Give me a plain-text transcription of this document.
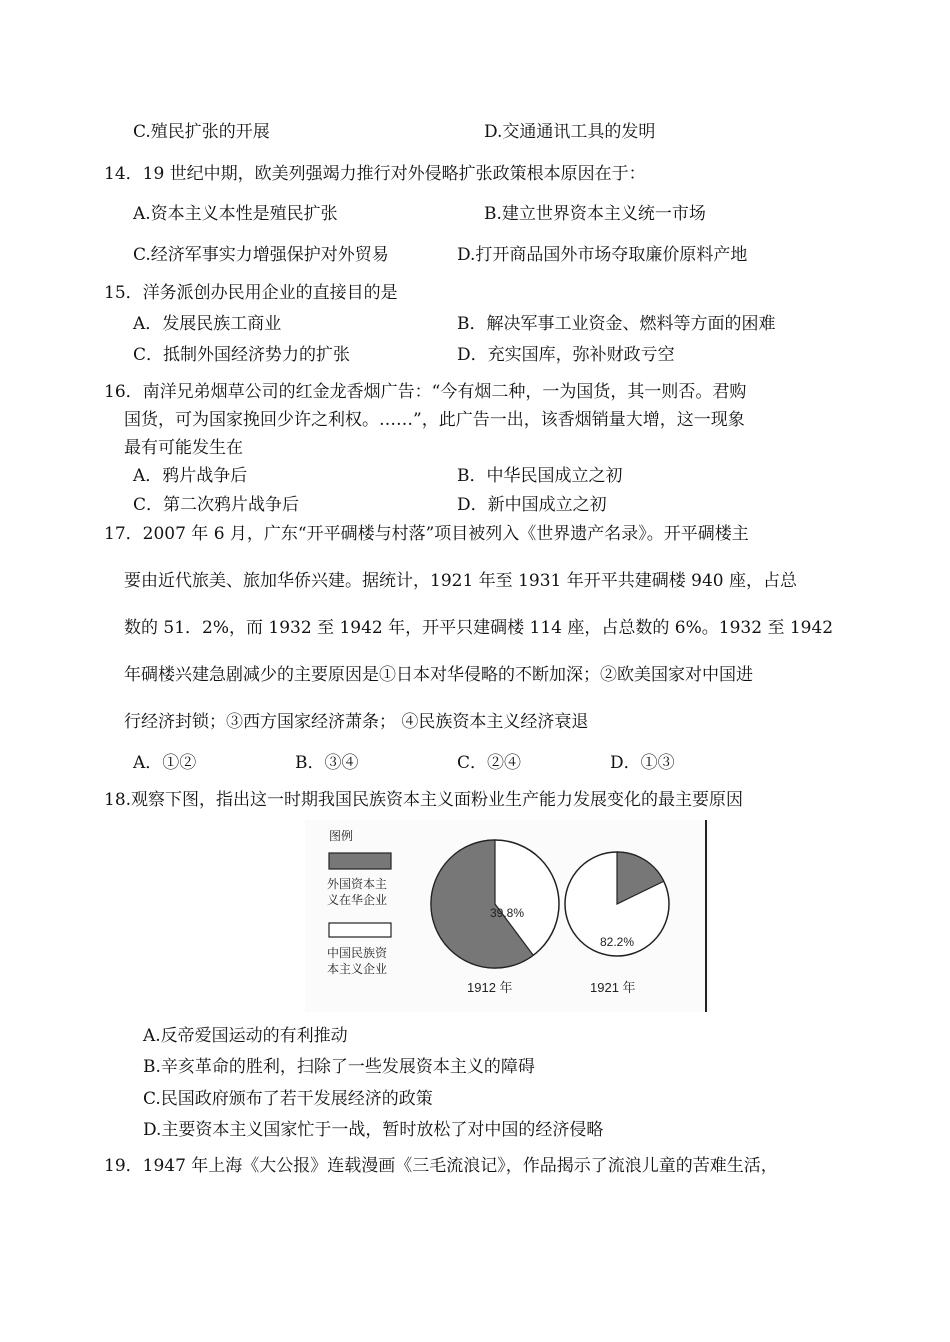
C.殖民扩张的开展	D.交通通讯工具的发明
14．19 世纪中期，欧美列强竭力推行对外侵略扩张政策根本原因在于：
A.资本主义本性是殖民扩张	B.建立世界资本主义统一市场
C.经济军事实力增强保护对外贸易	D.打开商品国外市场夺取廉价原料产地
15．洋务派创办民用企业的直接目的是
A．发展民族工商业	B．解决军事工业资金、燃料等方面的困难
C．抵制外国经济势力的扩张	D．充实国库，弥补财政亏空
16．南洋兄弟烟草公司的红金龙香烟广告：“今有烟二种，一为国货，其一则否。君购
国货，可为国家挽回少许之利权。……”，此广告一出，该香烟销量大增，这一现象
最有可能发生在
A．鸦片战争后	B．中华民国成立之初
C．第二次鸦片战争后	D．新中国成立之初
17．2007 年 6 月，广东“开平碉楼与村落”项目被列入《世界遗产名录》。开平碉楼主
要由近代旅美、旅加华侨兴建。据统计，1921 年至 1931 年开平共建碉楼 940 座，占总
数的 51．2%，而 1932 至 1942 年，开平只建碉楼 114 座，占总数的 6%。1932 至 1942
年碉楼兴建急剧减少的主要原因是①日本对华侵略的不断加深；②欧美国家对中国进
行经济封锁；③西方国家经济萧条； ④民族资本主义经济衰退
A．①②	B．③④	C．②④	D．①③
18.观察下图，指出这一时期我国民族资本主义面粉业生产能力发展变化的最主要原因
图例
外国资本主
义在华企业
中国民族资
本主义企业
39.8%
1912 年
82.2%
1921 年
A.反帝爱国运动的有利推动
B.辛亥革命的胜利，扫除了一些发展资本主义的障碍
C.民国政府颁布了若干发展经济的政策
D.主要资本主义国家忙于一战，暂时放松了对中国的经济侵略
19．1947 年上海《大公报》连载漫画《三毛流浪记》，作品揭示了流浪儿童的苦难生活，
